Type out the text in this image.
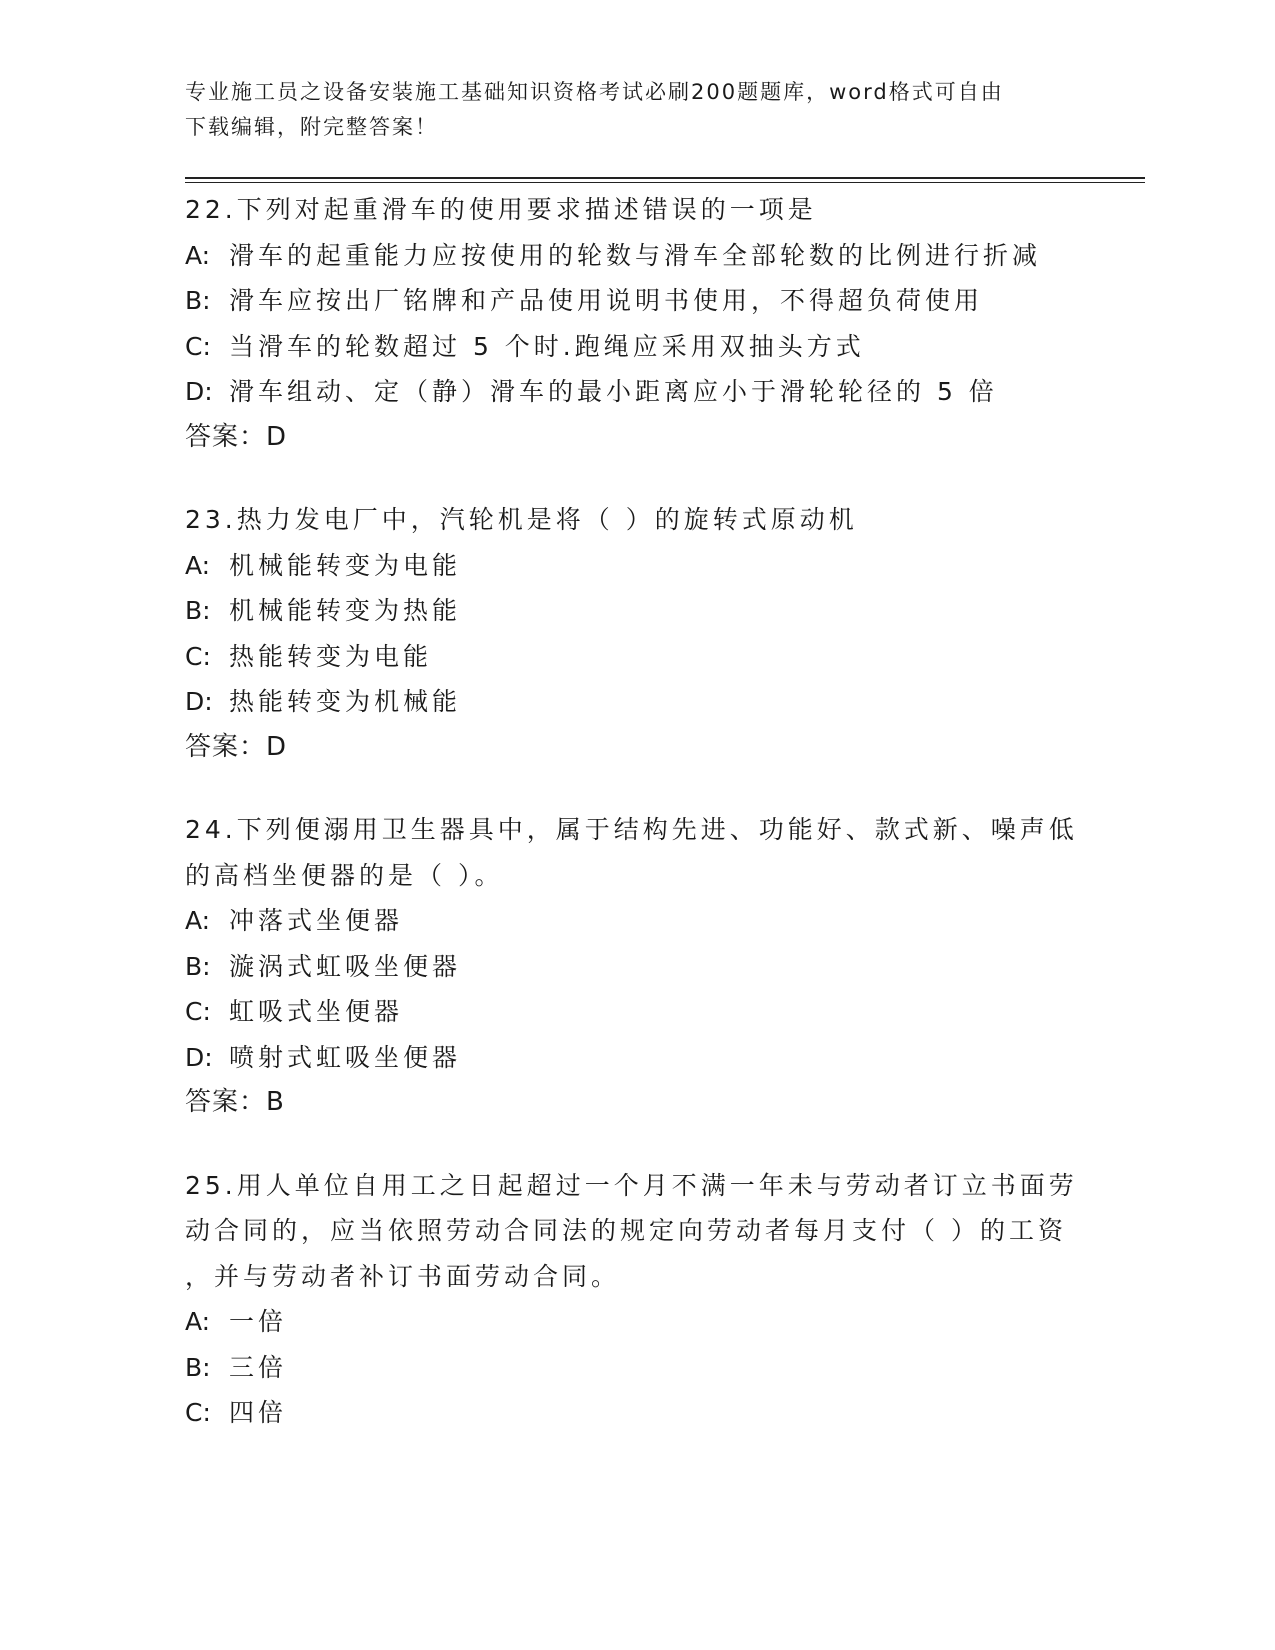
专业施工员之设备安装施工基础知识资格考试必刷200题题库，word格式可自由
下载编辑，附完整答案！
22.下列对起重滑车的使用要求描述错误的一项是
A: 滑车的起重能力应按使用的轮数与滑车全部轮数的比例进行折减
B: 滑车应按出厂铭牌和产品使用说明书使用，不得超负荷使用
C: 当滑车的轮数超过 5 个时.跑绳应采用双抽头方式
D: 滑车组动、定（静）滑车的最小距离应小于滑轮轮径的 5 倍
答案：D
23.热力发电厂中，汽轮机是将（ ）的旋转式原动机
A: 机械能转变为电能
B: 机械能转变为热能
C: 热能转变为电能
D: 热能转变为机械能
答案：D
24.下列便溺用卫生器具中，属于结构先进、功能好、款式新、噪声低
的高档坐便器的是（ ）。
A: 冲落式坐便器
B: 漩涡式虹吸坐便器
C: 虹吸式坐便器
D: 喷射式虹吸坐便器
答案：B
25.用人单位自用工之日起超过一个月不满一年未与劳动者订立书面劳
动合同的，应当依照劳动合同法的规定向劳动者每月支付（ ）的工资
，并与劳动者补订书面劳动合同。
A: 一倍
B: 三倍
C: 四倍
